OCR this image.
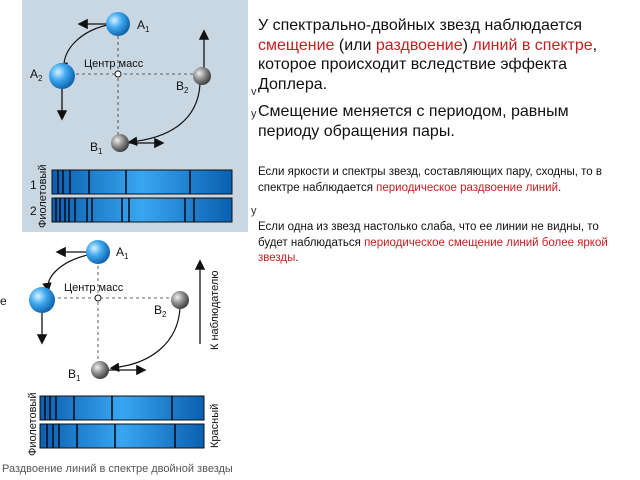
Центр масс
$A_1$
$A_2$
$B_2$
$B_1$
Фиолетовый
1
2
Центр масс
$A_1$
$B_2$
$B_1$
е	К наблюдателю
Фиолетовый	Красный

У спектрально-двойных звезд наблюдается смещение (или раздвоение) линий в спектре, которое происходит вследствие эффекта Доплера.

Смещение меняется с периодом, равным периоду обращения пары.

Если яркости и спектры звезд, составляющих пару, сходны, то в спектре наблюдается периодическое раздвоение линий.

Если одна из звезд настолько слаба, что ее линии не видны, то будет наблюдаться периодическое смещение линий более яркой звезды.

v
у
у
Раздвоение линий в спектре двойной звезды
